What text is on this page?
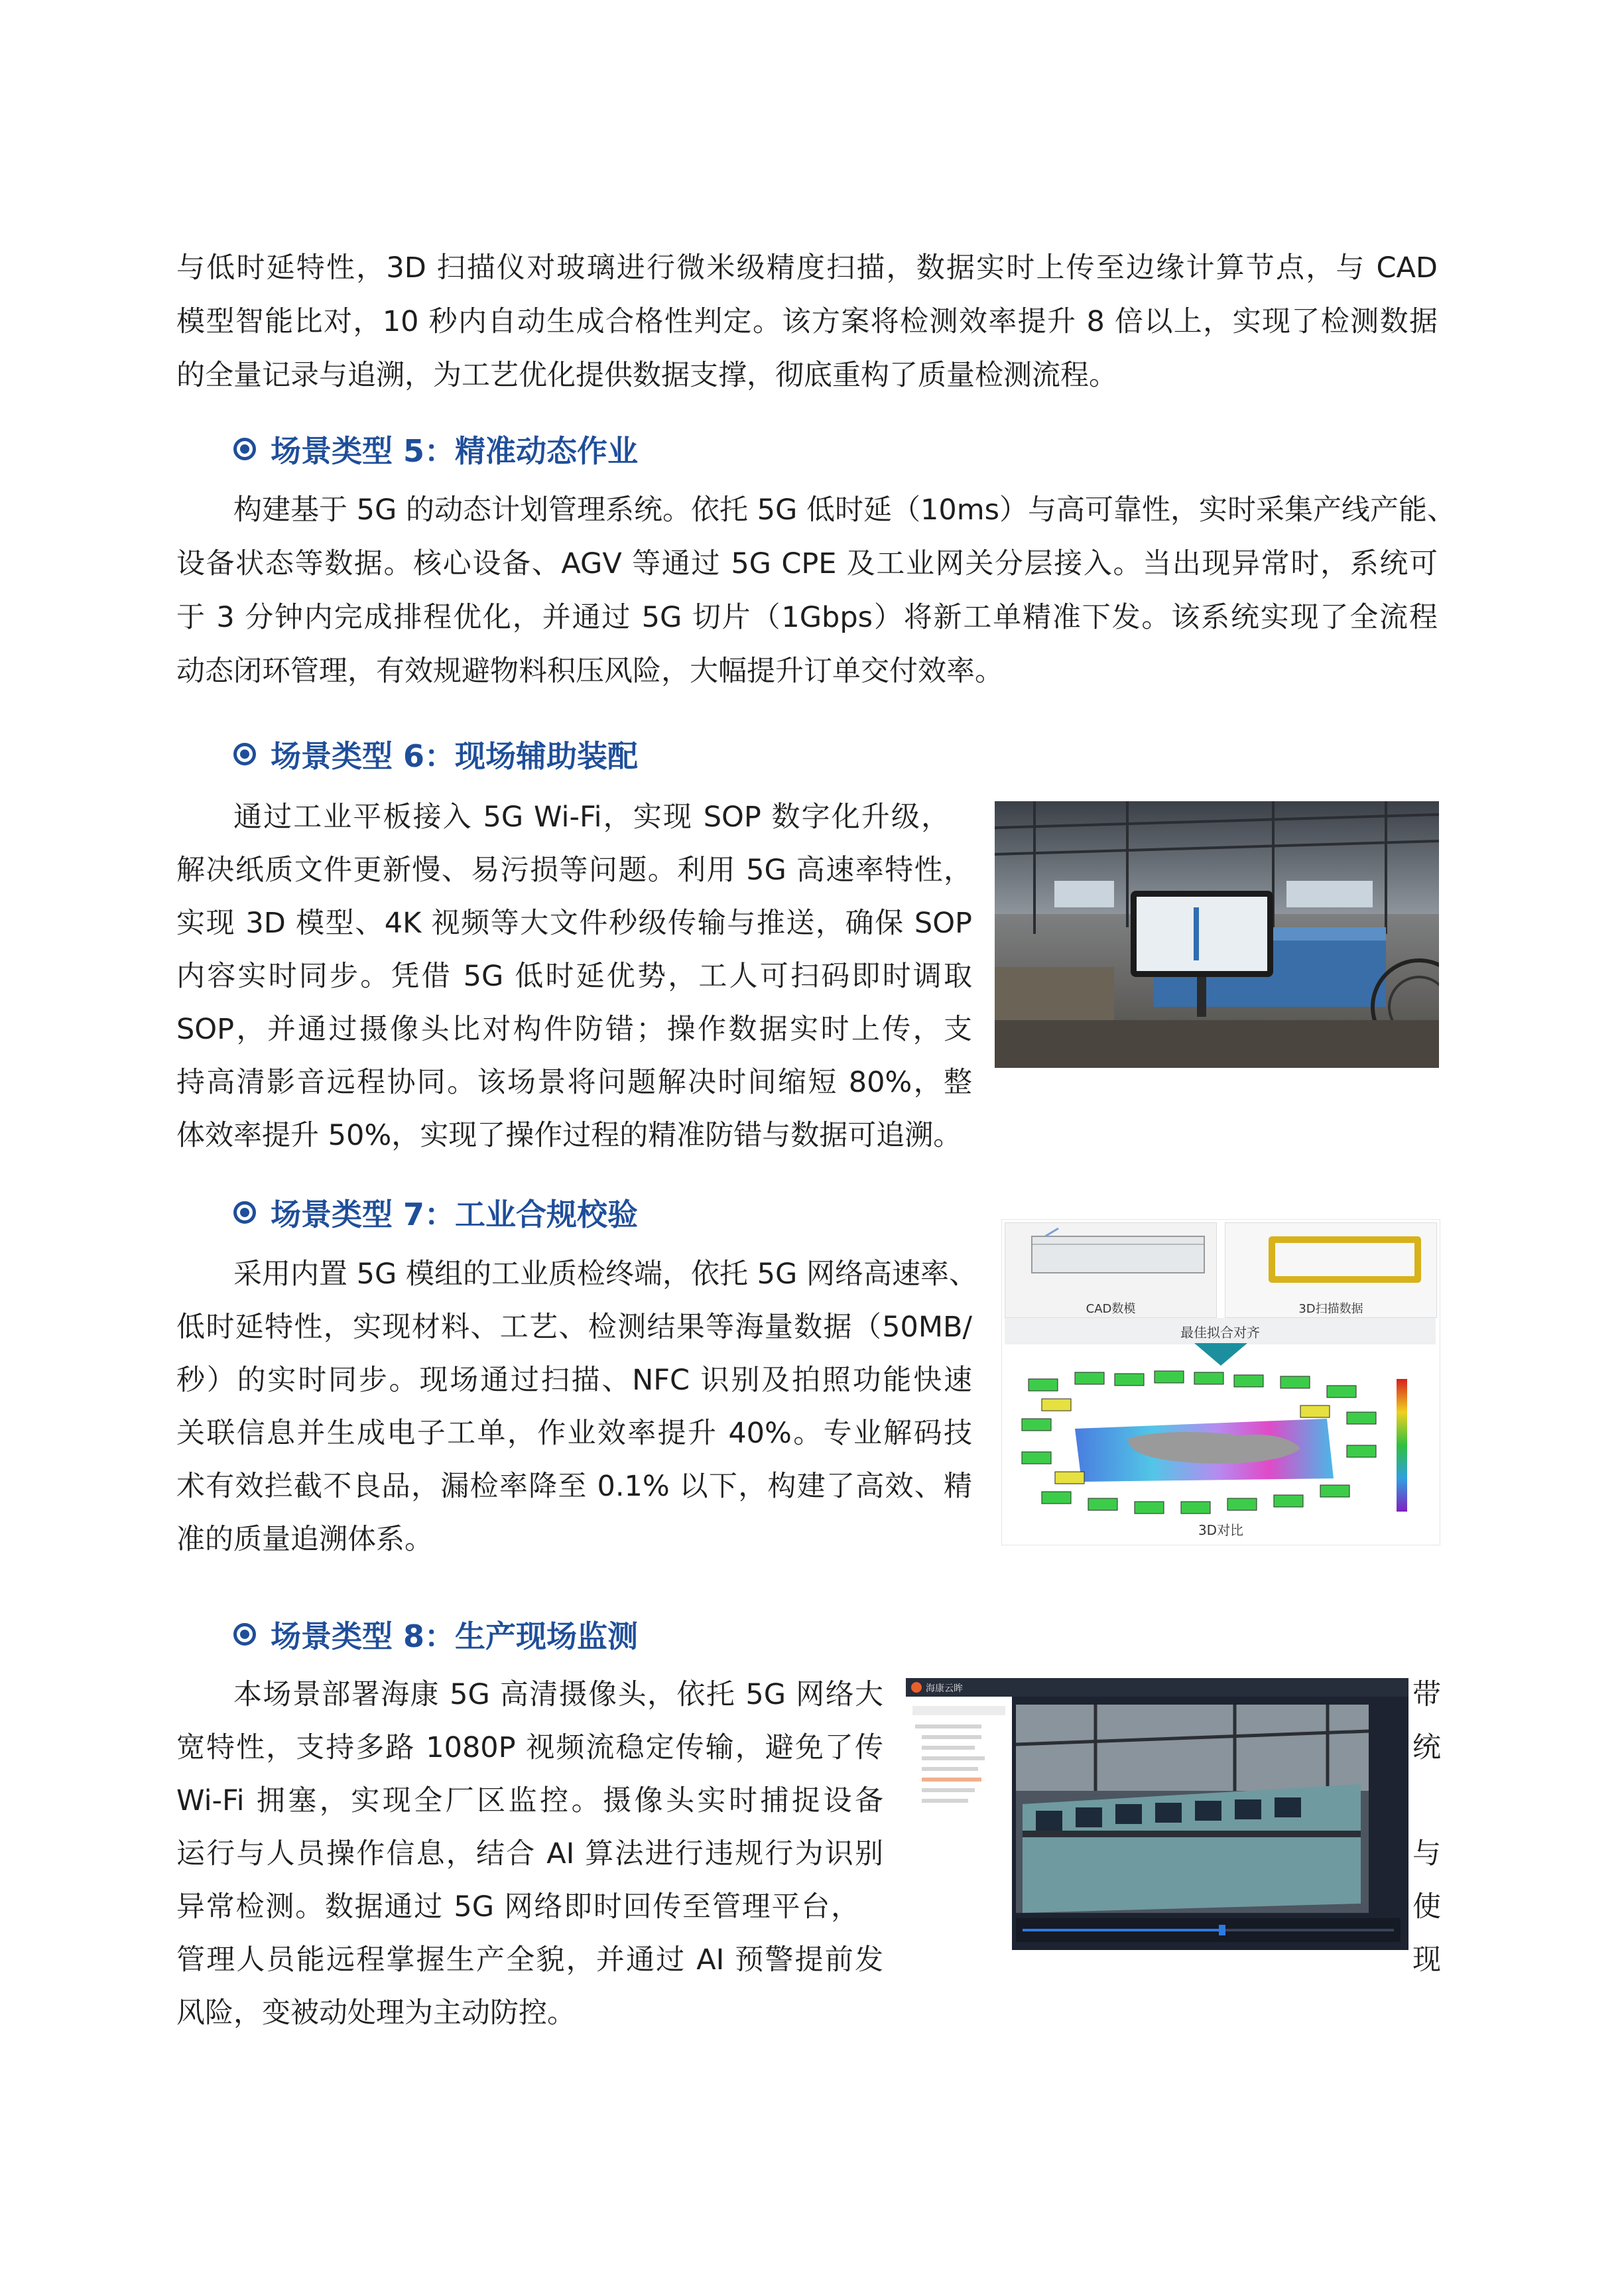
与低时延特性，3D 扫描仪对玻璃进行微米级精度扫描，数据实时上传至边缘计算节点，与 CAD
模型智能比对，10 秒内自动生成合格性判定。该方案将检测效率提升 8 倍以上，实现了检测数据
的全量记录与追溯，为工艺优化提供数据支撑，彻底重构了质量检测流程。
场景类型 5：精准动态作业
构建基于 5G 的动态计划管理系统。依托 5G 低时延（10ms）与高可靠性，实时采集产线产能、
设备状态等数据。核心设备、AGV 等通过 5G CPE 及工业网关分层接入。当出现异常时，系统可
于 3 分钟内完成排程优化，并通过 5G 切片（1Gbps）将新工单精准下发。该系统实现了全流程
动态闭环管理，有效规避物料积压风险，大幅提升订单交付效率。
场景类型 6：现场辅助装配
通过工业平板接入 5G Wi-Fi，实现 SOP 数字化升级，
解决纸质文件更新慢、易污损等问题。利用 5G 高速率特性，
实现 3D 模型、4K 视频等大文件秒级传输与推送，确保 SOP
内容实时同步。凭借 5G 低时延优势，工人可扫码即时调取
SOP，并通过摄像头比对构件防错；操作数据实时上传，支
持高清影音远程协同。该场景将问题解决时间缩短 80%，整
体效率提升 50%，实现了操作过程的精准防错与数据可追溯。
场景类型 7：工业合规校验
采用内置 5G 模组的工业质检终端，依托 5G 网络高速率、
低时延特性，实现材料、工艺、检测结果等海量数据（50MB/
秒）的实时同步。现场通过扫描、NFC 识别及拍照功能快速
关联信息并生成电子工单，作业效率提升 40%。专业解码技
术有效拦截不良品，漏检率降至 0.1% 以下，构建了高效、精
准的质量追溯体系。
CAD数模	3D扫描数据
最佳拟合对齐
3D对比
场景类型 8：生产现场监测
本场景部署海康 5G 高清摄像头，依托 5G 网络大
宽特性，支持多路 1080P 视频流稳定传输，避免了传
Wi-Fi 拥塞，实现全厂区监控。摄像头实时捕捉设备
运行与人员操作信息，结合 AI 算法进行违规行为识别
异常检测。数据通过 5G 网络即时回传至管理平台，
管理人员能远程掌握生产全貌，并通过 AI 预警提前发
风险，变被动处理为主动防控。
带
统
与
使
现
海康云眸
